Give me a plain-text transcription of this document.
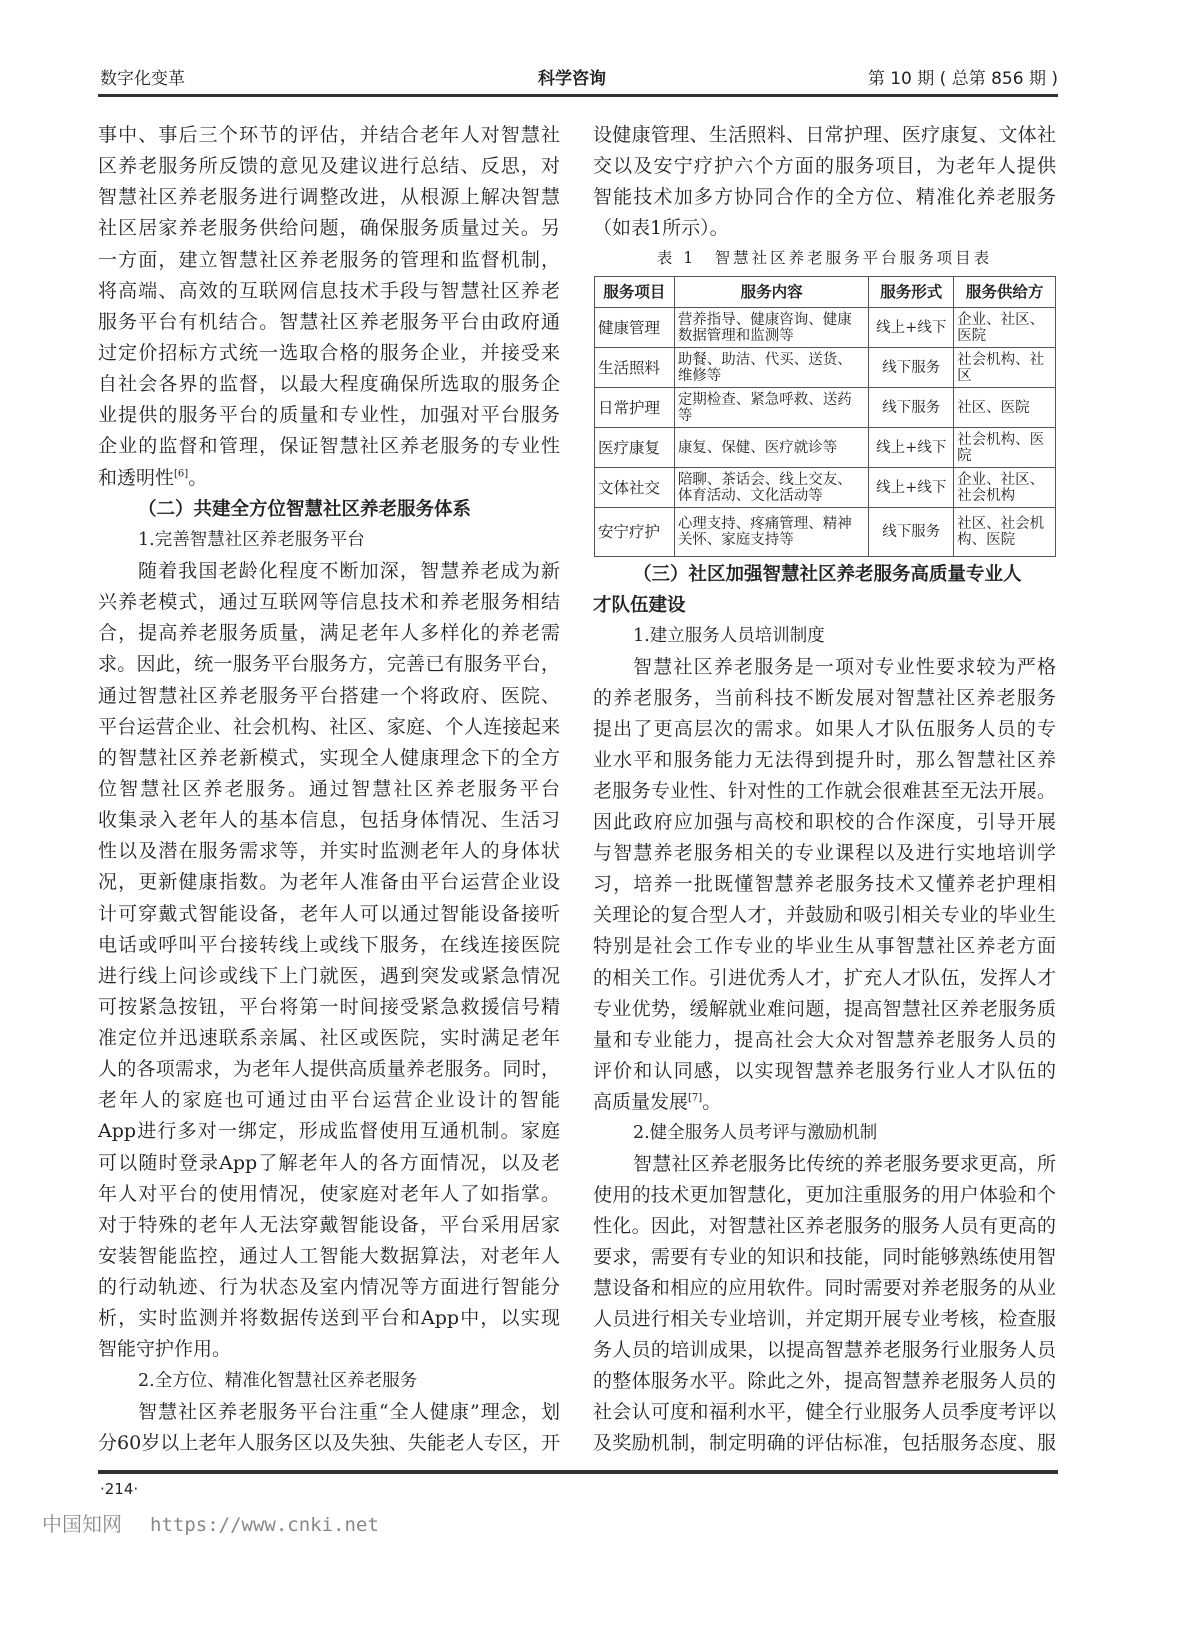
数字化变革	科学咨询	第 10 期 ( 总第 856 期 )
事中、事后三个环节的评估，并结合老年人对智慧社
区养老服务所反馈的意见及建议进行总结、反思，对
智慧社区养老服务进行调整改进，从根源上解决智慧
社区居家养老服务供给问题，确保服务质量过关。另
一方面，建立智慧社区养老服务的管理和监督机制，
将高端、高效的互联网信息技术手段与智慧社区养老
服务平台有机结合。智慧社区养老服务平台由政府通
过定价招标方式统一选取合格的服务企业，并接受来
自社会各界的监督，以最大程度确保所选取的服务企
业提供的服务平台的质量和专业性，加强对平台服务
企业的监督和管理，保证智慧社区养老服务的专业性
和透明性[6]。
（二）共建全方位智慧社区养老服务体系
1.完善智慧社区养老服务平台
随着我国老龄化程度不断加深，智慧养老成为新
兴养老模式，通过互联网等信息技术和养老服务相结
合，提高养老服务质量，满足老年人多样化的养老需
求。因此，统一服务平台服务方，完善已有服务平台，
通过智慧社区养老服务平台搭建一个将政府、医院、
平台运营企业、社会机构、社区、家庭、个人连接起来
的智慧社区养老新模式，实现全人健康理念下的全方
位智慧社区养老服务。通过智慧社区养老服务平台
收集录入老年人的基本信息，包括身体情况、生活习
性以及潜在服务需求等，并实时监测老年人的身体状
况，更新健康指数。为老年人准备由平台运营企业设
计可穿戴式智能设备，老年人可以通过智能设备接听
电话或呼叫平台接转线上或线下服务，在线连接医院
进行线上问诊或线下上门就医，遇到突发或紧急情况
可按紧急按钮，平台将第一时间接受紧急救援信号精
准定位并迅速联系亲属、社区或医院，实时满足老年
人的各项需求，为老年人提供高质量养老服务。同时，
老年人的家庭也可通过由平台运营企业设计的智能
App进行多对一绑定，形成监督使用互通机制。家庭
可以随时登录App了解老年人的各方面情况，以及老
年人对平台的使用情况，使家庭对老年人了如指掌。
对于特殊的老年人无法穿戴智能设备，平台采用居家
安装智能监控，通过人工智能大数据算法，对老年人
的行动轨迹、行为状态及室内情况等方面进行智能分
析，实时监测并将数据传送到平台和App中，以实现
智能守护作用。
2.全方位、精准化智慧社区养老服务
智慧社区养老服务平台注重“全人健康”理念，划
分60岁以上老年人服务区以及失独、失能老人专区，开
设健康管理、生活照料、日常护理、医疗康复、文体社
交以及安宁疗护六个方面的服务项目，为老年人提供
智能技术加多方协同合作的全方位、精准化养老服务
（如表1所示）。
表 1　智慧社区养老服务平台服务项目表
服务项目	服务内容	服务形式	服务供给方
健康管理	营养指导、健康咨询、健康数据管理和监测等	线上+线下	企业、社区、医院
生活照料	助餐、助洁、代买、送货、维修等	线下服务	社会机构、社区
日常护理	定期检查、紧急呼救、送药等	线下服务	社区、医院
医疗康复	康复、保健、医疗就诊等	线上+线下	社会机构、医院
文体社交	陪聊、茶话会、线上交友、体育活动、文化活动等	线上+线下	企业、社区、社会机构
安宁疗护	心理支持、疼痛管理、精神关怀、家庭支持等	线下服务	社区、社会机构、医院
（三）社区加强智慧社区养老服务高质量专业人
才队伍建设
1.建立服务人员培训制度
智慧社区养老服务是一项对专业性要求较为严格
的养老服务，当前科技不断发展对智慧社区养老服务
提出了更高层次的需求。如果人才队伍服务人员的专
业水平和服务能力无法得到提升时，那么智慧社区养
老服务专业性、针对性的工作就会很难甚至无法开展。
因此政府应加强与高校和职校的合作深度，引导开展
与智慧养老服务相关的专业课程以及进行实地培训学
习，培养一批既懂智慧养老服务技术又懂养老护理相
关理论的复合型人才，并鼓励和吸引相关专业的毕业生
特别是社会工作专业的毕业生从事智慧社区养老方面
的相关工作。引进优秀人才，扩充人才队伍，发挥人才
专业优势，缓解就业难问题，提高智慧社区养老服务质
量和专业能力，提高社会大众对智慧养老服务人员的
评价和认同感，以实现智慧养老服务行业人才队伍的
高质量发展[7]。
2.健全服务人员考评与激励机制
智慧社区养老服务比传统的养老服务要求更高，所
使用的技术更加智慧化，更加注重服务的用户体验和个
性化。因此，对智慧社区养老服务的服务人员有更高的
要求，需要有专业的知识和技能，同时能够熟练使用智
慧设备和相应的应用软件。同时需要对养老服务的从业
人员进行相关专业培训，并定期开展专业考核，检查服
务人员的培训成果，以提高智慧养老服务行业服务人员
的整体服务水平。除此之外，提高智慧养老服务人员的
社会认可度和福利水平，健全行业服务人员季度考评以
及奖励机制，制定明确的评估标准，包括服务态度、服
·214·
中国知网 https://www.cnki.net
